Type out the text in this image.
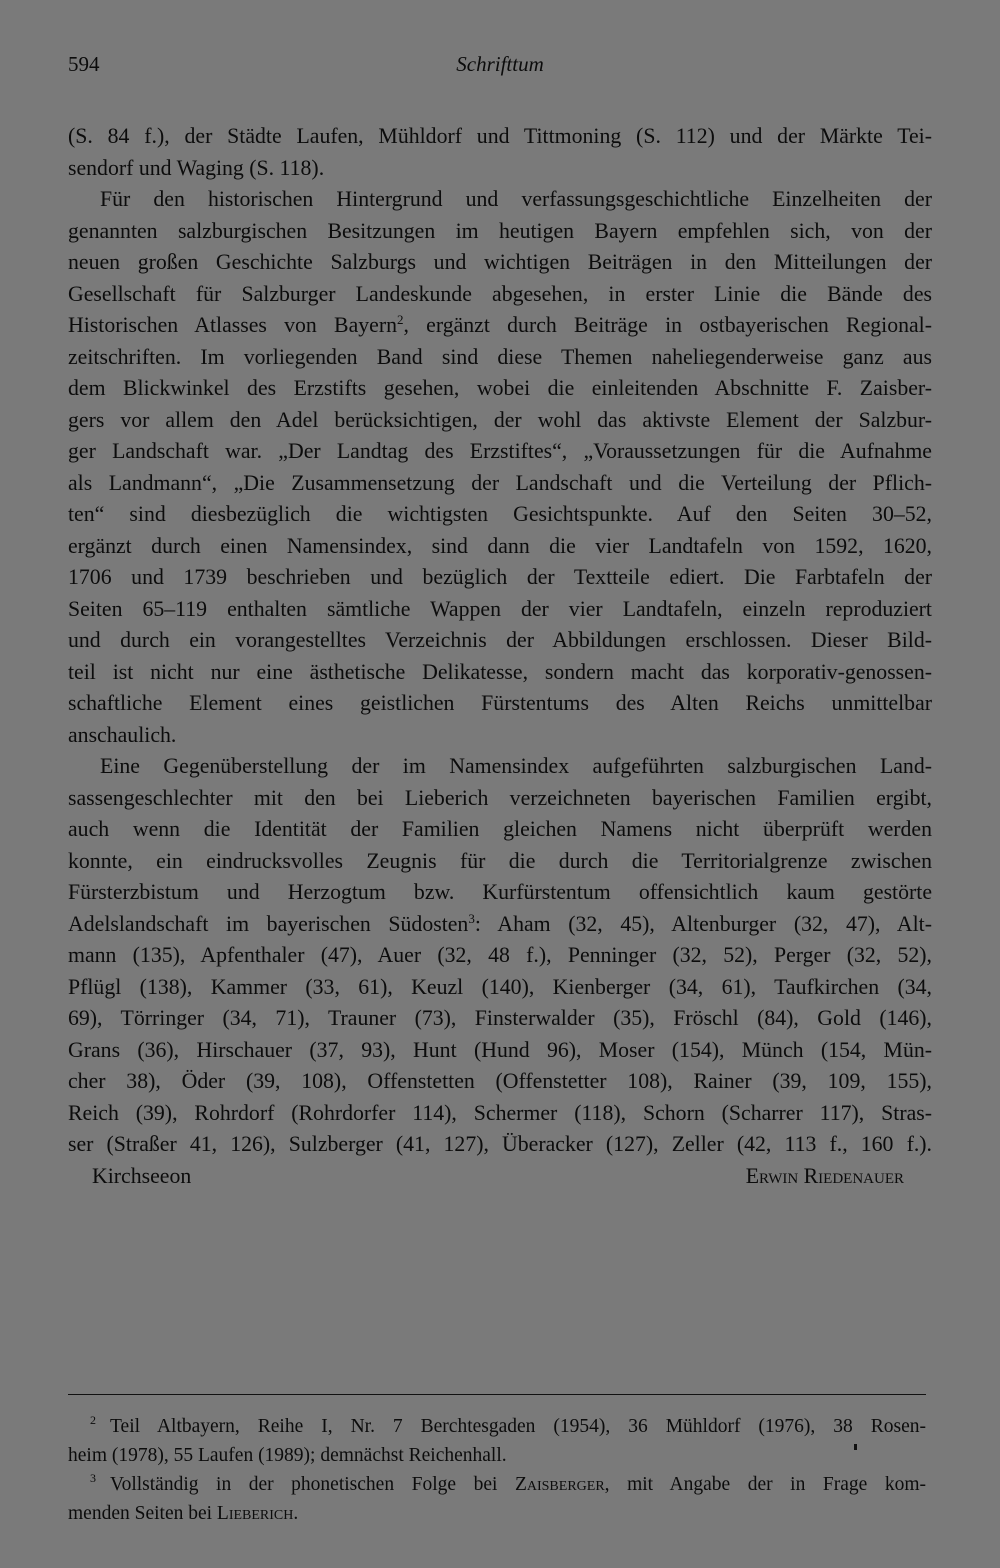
594	Schrifttum
(S. 84 f.), der Städte Laufen, Mühldorf und Tittmoning (S. 112) und der Märkte Tei-
sendorf und Waging (S. 118).
Für den historischen Hintergrund und verfassungsgeschichtliche Einzelheiten der
genannten salzburgischen Besitzungen im heutigen Bayern empfehlen sich, von der
neuen großen Geschichte Salzburgs und wichtigen Beiträgen in den Mitteilungen der
Gesellschaft für Salzburger Landeskunde abgesehen, in erster Linie die Bände des
Historischen Atlasses von Bayern$^2$, ergänzt durch Beiträge in ostbayerischen Regional-
zeitschriften. Im vorliegenden Band sind diese Themen naheliegenderweise ganz aus
dem Blickwinkel des Erzstifts gesehen, wobei die einleitenden Abschnitte F. Zaisber-
gers vor allem den Adel berücksichtigen, der wohl das aktivste Element der Salzbur-
ger Landschaft war. „Der Landtag des Erzstiftes“, „Voraussetzungen für die Aufnahme
als Landmann“, „Die Zusammensetzung der Landschaft und die Verteilung der Pflich-
ten“ sind diesbezüglich die wichtigsten Gesichtspunkte. Auf den Seiten 30–52,
ergänzt durch einen Namensindex, sind dann die vier Landtafeln von 1592, 1620,
1706 und 1739 beschrieben und bezüglich der Textteile ediert. Die Farbtafeln der
Seiten 65–119 enthalten sämtliche Wappen der vier Landtafeln, einzeln reproduziert
und durch ein vorangestelltes Verzeichnis der Abbildungen erschlossen. Dieser Bild-
teil ist nicht nur eine ästhetische Delikatesse, sondern macht das korporativ-genossen-
schaftliche Element eines geistlichen Fürstentums des Alten Reichs unmittelbar
anschaulich.
Eine Gegenüberstellung der im Namensindex aufgeführten salzburgischen Land-
sassengeschlechter mit den bei Lieberich verzeichneten bayerischen Familien ergibt,
auch wenn die Identität der Familien gleichen Namens nicht überprüft werden
konnte, ein eindrucksvolles Zeugnis für die durch die Territorialgrenze zwischen
Fürsterzbistum und Herzogtum bzw. Kurfürstentum offensichtlich kaum gestörte
Adelslandschaft im bayerischen Südosten$^3$: Aham (32, 45), Altenburger (32, 47), Alt-
mann (135), Apfenthaler (47), Auer (32, 48 f.), Penninger (32, 52), Perger (32, 52),
Pflügl (138), Kammer (33, 61), Keuzl (140), Kienberger (34, 61), Taufkirchen (34,
69), Törringer (34, 71), Trauner (73), Finsterwalder (35), Fröschl (84), Gold (146),
Grans (36), Hirschauer (37, 93), Hunt (Hund 96), Moser (154), Münch (154, Mün-
cher 38), Öder (39, 108), Offenstetten (Offenstetter 108), Rainer (39, 109, 155),
Reich (39), Rohrdorf (Rohrdorfer 114), Schermer (118), Schorn (Scharrer 117), Stras-
ser (Straßer 41, 126), Sulzberger (41, 127), Überacker (127), Zeller (42, 113 f., 160 f.).
Kirchseeon	Erwin Riedenauer
$^2$ Teil Altbayern, Reihe I, Nr. 7 Berchtesgaden (1954), 36 Mühldorf (1976), 38 Rosen-
heim (1978), 55 Laufen (1989); demnächst Reichenhall.
$^3$ Vollständig in der phonetischen Folge bei Zaisberger, mit Angabe der in Frage kom-
menden Seiten bei Lieberich.
